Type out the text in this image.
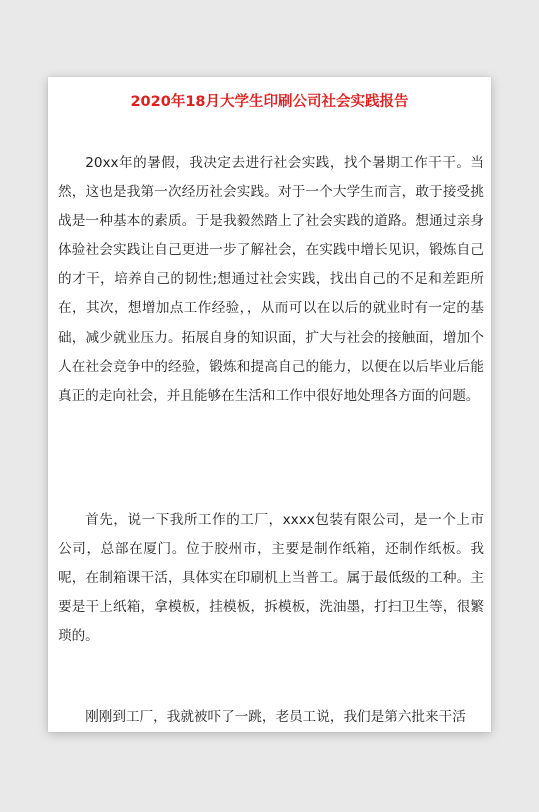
2020年18月大学生印刷公司社会实践报告

20xx年的暑假，我决定去进行社会实践，找个暑期工作干干。当然，这也是我第一次经历社会实践。对于一个大学生而言，敢于接受挑战是一种基本的素质。于是我毅然踏上了社会实践的道路。想通过亲身体验社会实践让自己更进一步了解社会，在实践中增长见识，锻炼自己的才干，培养自己的韧性;想通过社会实践，找出自己的不足和差距所在，其次，想增加点工作经验，，从而可以在以后的就业时有一定的基础，减少就业压力。拓展自身的知识面，扩大与社会的接触面，增加个人在社会竞争中的经验，锻炼和提高自己的能力，以便在以后毕业后能真正的走向社会，并且能够在生活和工作中很好地处理各方面的问题。

首先，说一下我所工作的工厂，xxxx包装有限公司，是一个上市公司，总部在厦门。位于胶州市，主要是制作纸箱，还制作纸板。我呢，在制箱课干活，具体实在印刷机上当普工。属于最低级的工种。主要是干上纸箱，拿模板，挂模板，拆模板，洗油墨，打扫卫生等，很繁琐的。

刚刚到工厂，我就被吓了一跳，老员工说，我们是第六批来干活
